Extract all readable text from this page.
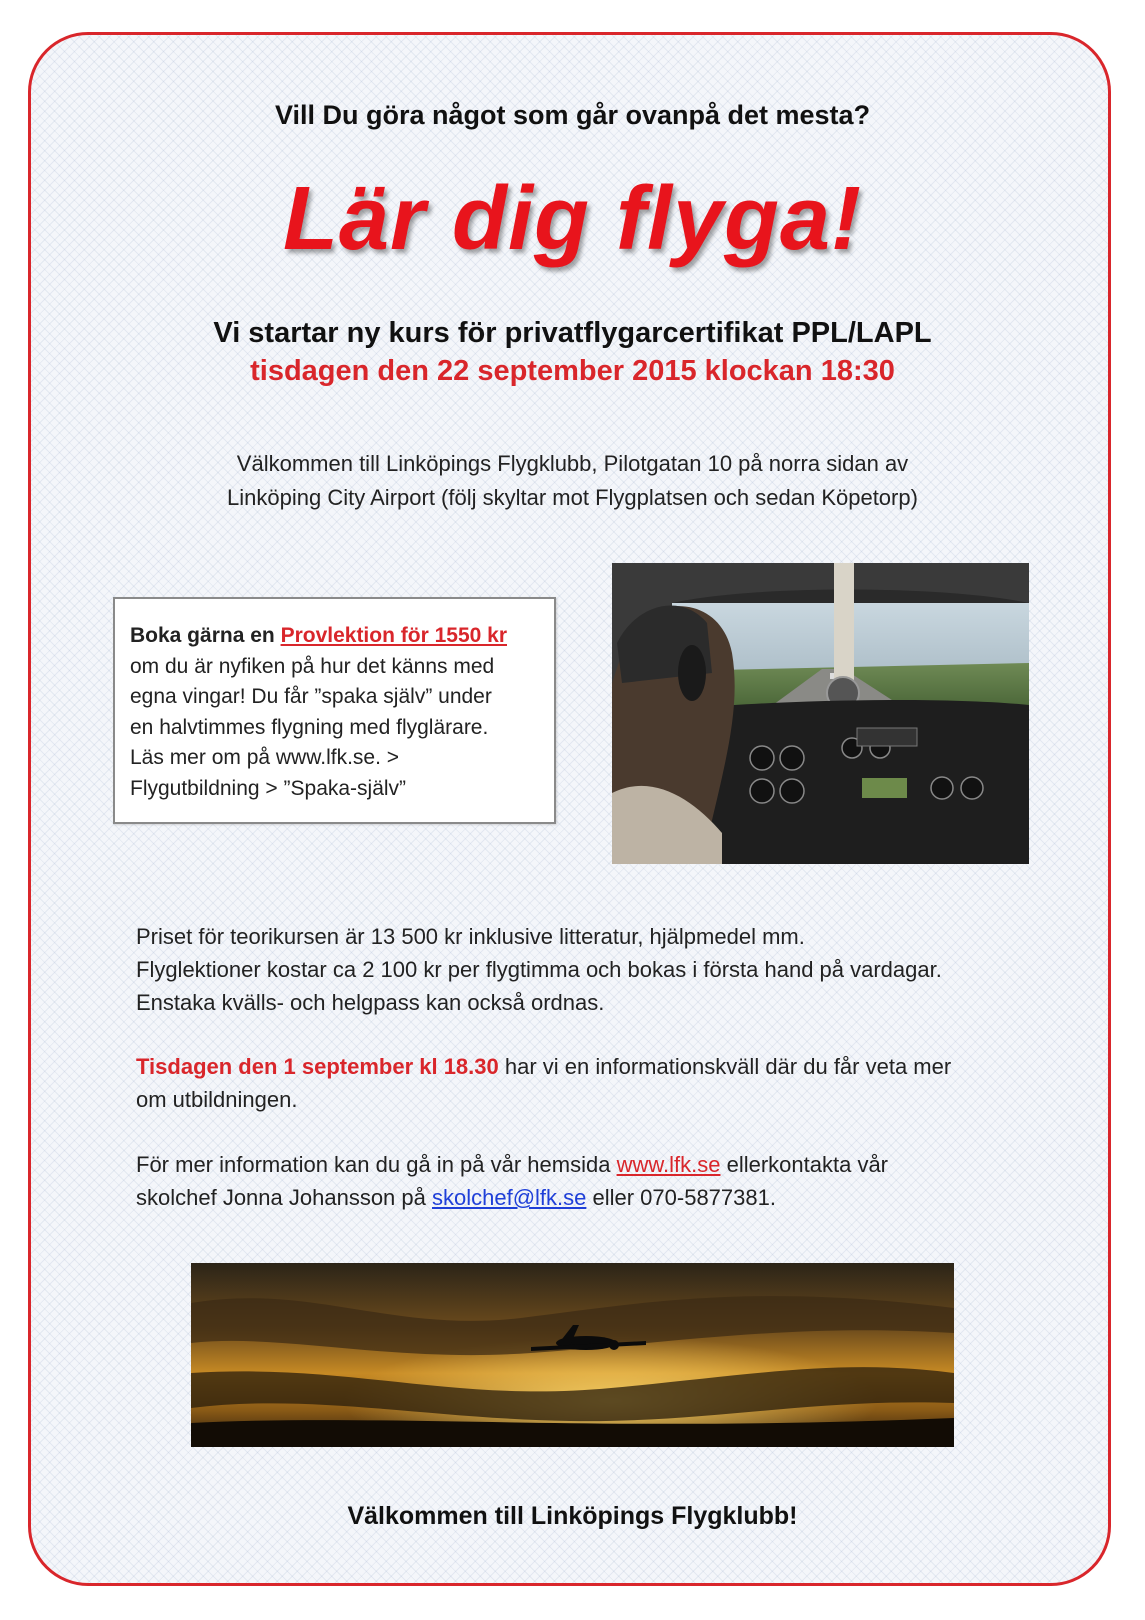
Vill Du göra något som går ovanpå det mesta?
Lär dig flyga!
Vi startar ny kurs för privatflygarcertifikat PPL/LAPL
tisdagen den 22 september 2015 klockan 18:30
Välkommen till Linköpings Flygklubb, Pilotgatan 10 på norra sidan av
Linköping City Airport (följ skyltar mot Flygplatsen och sedan Köpetorp)
Boka gärna en Provlektion för 1550 kr
om du är nyfiken på hur det känns med
egna vingar! Du får ”spaka själv” under
en halvtimmes flygning med flyglärare.
Läs mer om på www.lfk.se. >
Flygutbildning > ”Spaka-själv”
Priset för teorikursen är 13 500 kr inklusive litteratur, hjälpmedel mm.
Flyglektioner kostar ca 2 100 kr per flygtimma och bokas i första hand på vardagar.
Enstaka kvälls- och helgpass kan också ordnas.
Tisdagen den 1 september kl 18.30 har vi en informationskväll där du får veta mer
om utbildningen.
För mer information kan du gå in på vår hemsida www.lfk.se ellerkontakta vår
skolchef Jonna Johansson på skolchef@lfk.se eller 070-5877381.
Välkommen till Linköpings Flygklubb!
